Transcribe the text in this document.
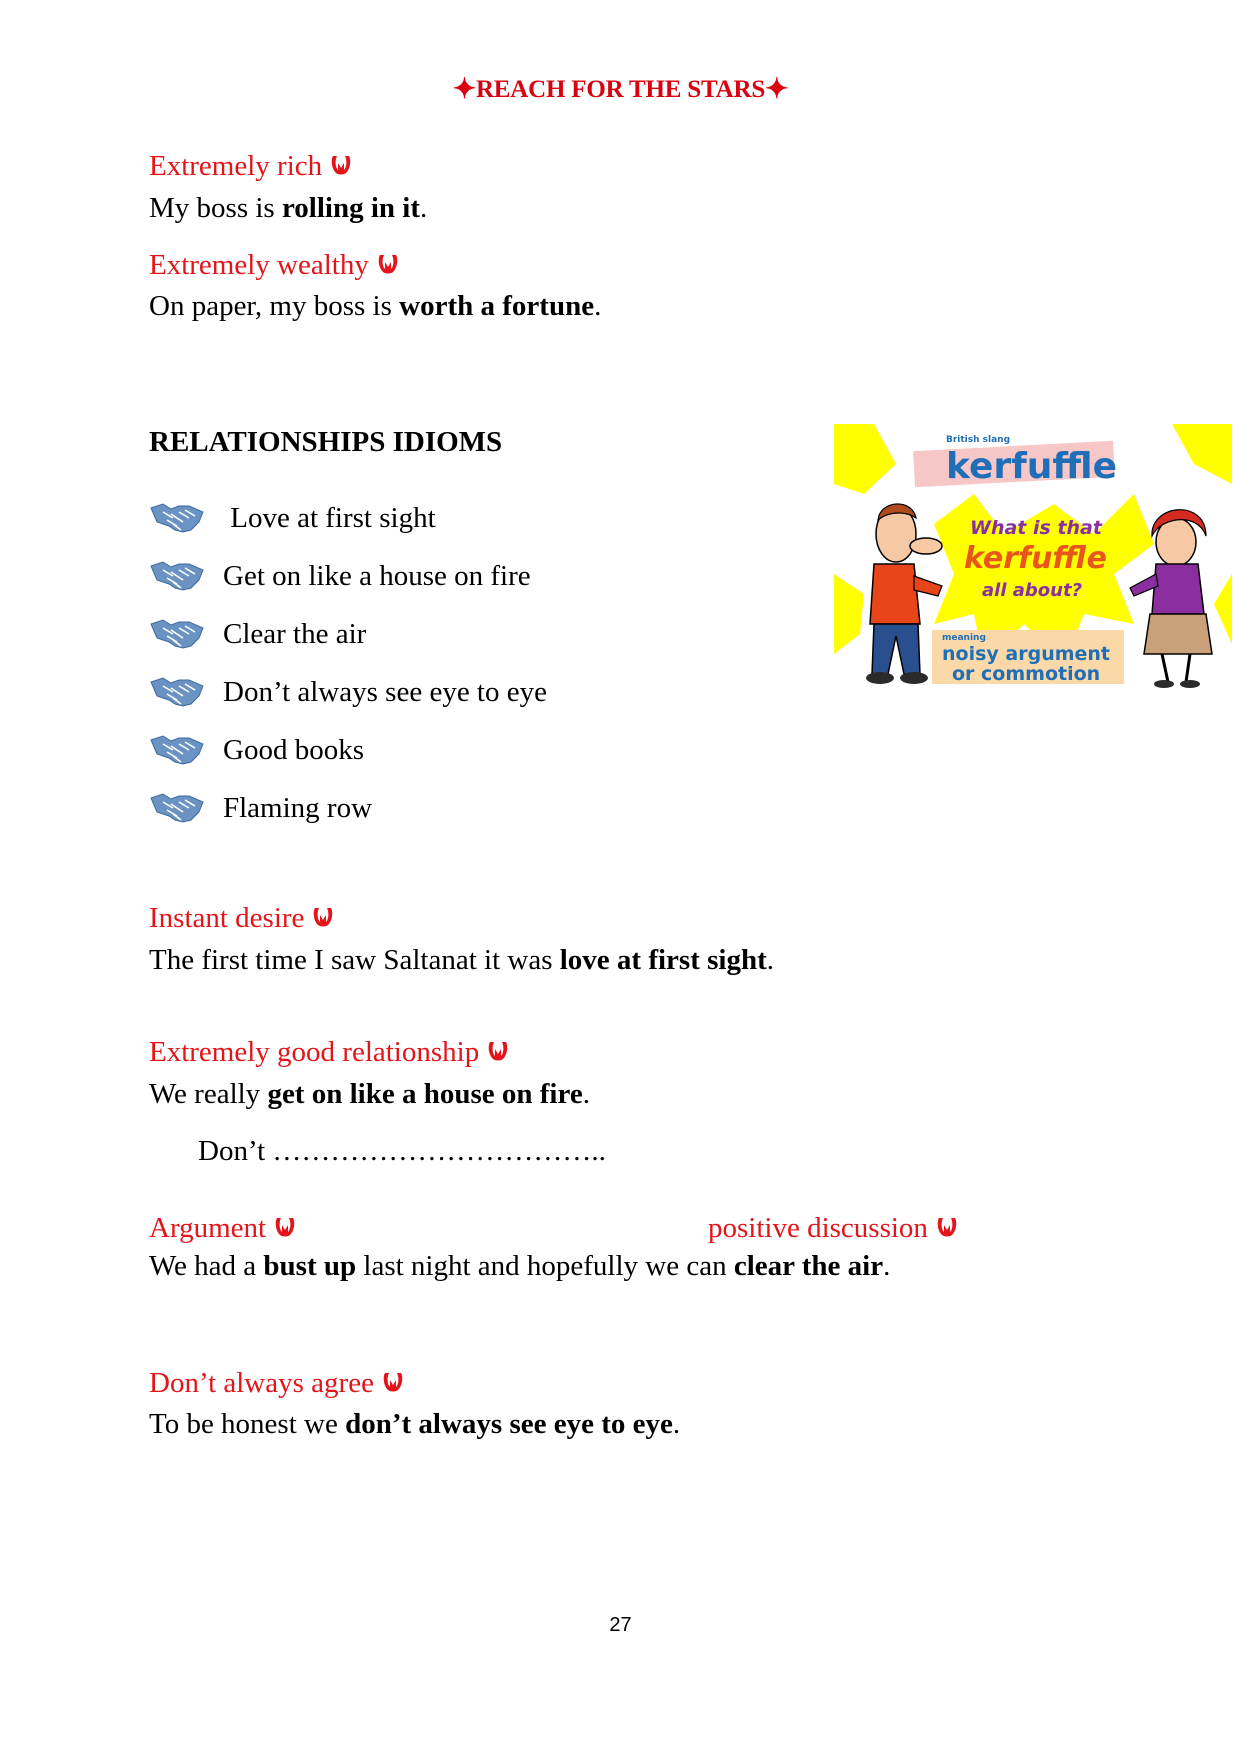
✦REACH FOR THE STARS✦
Extremely rich
My boss is rolling in it.
Extremely wealthy
On paper, my boss is worth a fortune.
RELATIONSHIPS IDIOMS
Love at first sight
Get on like a house on fire
Clear the air
Don’t always see eye to eye
Good books
Flaming row
British slang
kerfuffle
What is that
kerfuffle
all about?
meaning
noisy argument
or commotion
Instant desire
The first time I saw Saltanat it was love at first sight.
Extremely good relationship
We really get on like a house on fire.
Don’t ……………………………..
Argument	positive discussion
We had a bust up last night and hopefully we can clear the air.
Don’t always agree
To be honest we don’t always see eye to eye.
27
